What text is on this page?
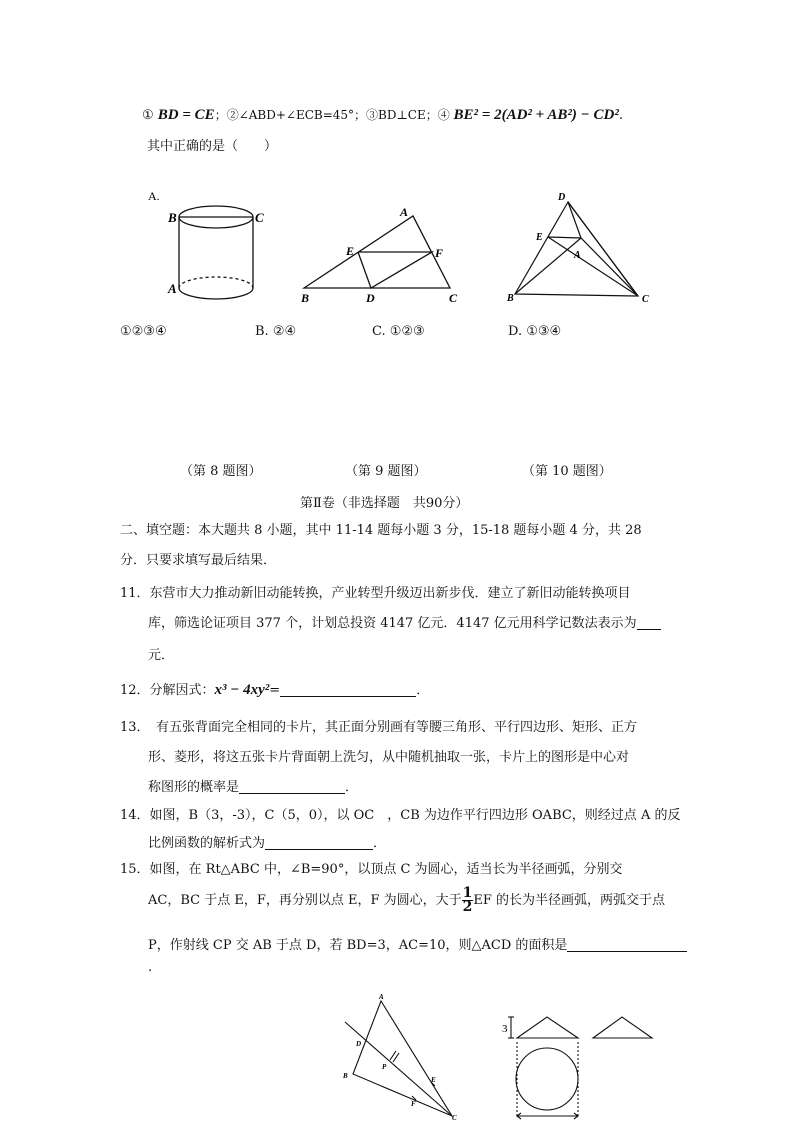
① BD = CE；②∠ABD+∠ECB=45°；③BD⊥CE；④ BE² = 2(AD² + AB²) − CD².
其中正确的是（　　）
A.
B	C
A
A
E	F
B	D	C
D
E
A
B	C
①②③④	B. ②④	C. ①②③	D. ①③④
（第 8 题图）	（第 9 题图）	（第 10 题图）
第Ⅱ卷（非选择题　共90分）
二、填空题：本大题共 8 小题，其中 11-14 题每小题 3 分，15-18 题每小题 4 分，共 28
分．只要求填写最后结果．
11．东营市大力推动新旧动能转换，产业转型升级迈出新步伐．建立了新旧动能转换项目
库，筛选论证项目 377 个，计划总投资 4147 亿元．4147 亿元用科学记数法表示为
元．
12．分解因式：x³ − 4xy²=	．
13．　有五张背面完全相同的卡片，其正面分别画有等腰三角形、平行四边形、矩形、正方
形、菱形，将这五张卡片背面朝上洗匀，从中随机抽取一张，卡片上的图形是中心对
称图形的概率是	．
14．如图，B（3，-3），C（5，0），以 OC　，CB 为边作平行四边形 OABC，则经过点 A 的反
比例函数的解析式为	．
15．如图，在 Rt△ABC 中，∠B=90°，以顶点 C 为圆心，适当长为半径画弧，分别交
AC，BC 于点 E，F，再分别以点 E，F 为圆心，大于 $\frac{1}{2}$ EF 的长为半径画弧，两弧交于点
P，作射线 CP 交 AB 于点 D，若 BD=3，AC=10，则△ACD 的面积是
.
A
D
B
P
E
F
C
3
